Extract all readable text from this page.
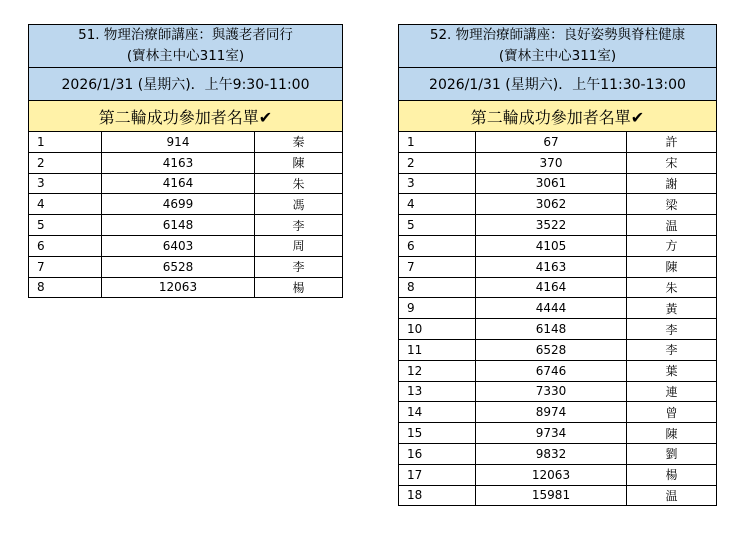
51. 物理治療師講座：與護老者同行
(寶林主中心311室)		
2026/1/31 (星期六)．上午9:30-11:00		
第二輪成功參加者名單✔		
1	914	秦
2	4163	陳
3	4164	朱
4	4699	馮
5	6148	李
6	6403	周
7	6528	李
8	12063	楊
52. 物理治療師講座：良好姿勢與脊柱健康
(寶林主中心311室)		
2026/1/31 (星期六)．上午11:30-13:00		
第二輪成功參加者名單✔		
1	67	許
2	370	宋
3	3061	謝
4	3062	梁
5	3522	温
6	4105	方
7	4163	陳
8	4164	朱
9	4444	黃
10	6148	李
11	6528	李
12	6746	葉
13	7330	連
14	8974	曾
15	9734	陳
16	9832	劉
17	12063	楊
18	15981	温
